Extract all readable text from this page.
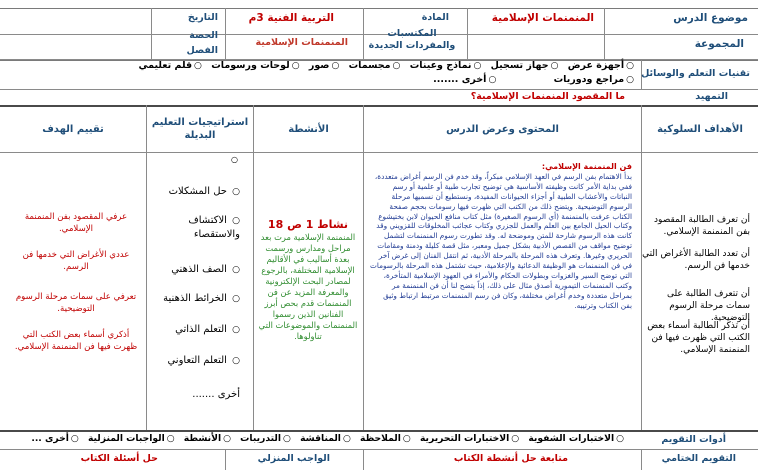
موضوع الدرس
المنمنمات الإسلامية
المادة
التربية الفنية 3م
التاريخ
المجموعة
المكتسبات والمفردات الجديدة
المنمنمات الإسلامية
الحصة
الفصل
تقنيات التعلم والوسائل
○ أجهزة عرض ○ جهاز تسجيل ○ نماذج وعينات ○ مجسمات ○ صور ○ لوحات ورسومات ○ قلم تعليمي
○ مراجع ودوريات ○ أخرى .......
التمهيد
ما المقصود المنمنمات الإسلامية؟
الأهداف السلوكية
المحتوى وعرض الدرس
الأنشطة
استراتيجيات التعليم البديلة
تقييم الهدف
أن تعرف الطالبة المقصود بفن المنمنمة الإسلامي.
أن تعدد الطالبة الأغراض التي خدمها فن الرسم.
أن تتعرف الطالبة على سمات مرحلة الرسوم التوضيحية.
أن تذكر الطالبة أسماء بعض الكتب التي ظهرت فيها فن المنمنمة الإسلامي.
فن المنمنمة الإسلامي:
بدأ الاهتمام بفن الرسم في العهد الإسلامي مبكراً، وقد خدم فن الرسم أغراض متعددة، ففي بداية الأمر كانت وظيفته الأساسية هي توضيح تجارب طبية أو علمية أو رسم النباتات والأعشاب الطبية أو أجزاء الحيوانات المفيدة، ونستطيع أن نسميها مرحلة الرسوم التوضيحية. ويتضح ذلك من الكتب التي ظهرت فيها رسومات بحجم صفحة الكتاب عرفت بالمنمنمة (أي الرسوم الصغيرة) مثل كتاب منافع الحيوان لابن بختيشوع وكتاب الحيل الجامع بين العلم والعمل للجزري وكتاب عجائب المخلوقات للقزويني وقد كانت هذه الرسوم شارحة للمتن وموضحة له. وقد تطورت رسوم المنمنمات لتشمل توضيح مواقف من القصص الأدبية بشكل جميل ومعبر، مثل قصة كليلة ودمنة ومقامات الحريري وغيرها. وتعرف هذه المرحلة بالمرحلة الأدبية، ثم انتقل الفنان إلى غرض آخر في فن المنمنمات هو الوظيفة الدعائية والإعلامية، حيث تشتمل هذه المرحلة بالرسومات التي توضح السير والغزوات وبطولات الحكام والأمراء في العهود الإسلامية المتأخرة، وكتب المنمنمات التيمورية أصدق مثال على ذلك، إذاً يتضح لنا أن فن المنمنمة مر بمراحل متعددة وخدم أغراض مختلفة، وكان فن رسم المنمنمات مرتبط ارتباط وثيق بفن الكتاب وترتيبه.
نشاط 1 ص 18
المنمنمة الإسلامية مرت بعد مراحل ومدارس ورسمت بعدة أساليب في الأقاليم الإسلامية المختلفة، بالرجوع لمصادر البحث الإلكترونية والمعرفة المزيد عن فن المنمنمات قدم بحص أبرز الفنانين الذين رسموا المنمنمات والموضوعات التي تناولوها.
○
○ حل المشكلات
○ الاكتشاف والاستقصاء
○ الصف الذهني
○ الخرائط الذهنية
○ التعلم الذاتي
○ التعلم التعاوني
أخرى .......
عرفي المقصود بفن المنمنمة الإسلامي.
عددي الأغراض التي خدمها فن الرسم.
تعرفي على سمات مرحلة الرسوم التوضيحية.
أذكري أسماء بعض الكتب التي ظهرت فيها فن المنمنمة الإسلامي.
أدوات التقويم
○ الاختبارات الشفوية ○ الاختبارات التحريرية ○ الملاحظة ○ المناقشة ○ التدريبات ○ الأنشطة ○ الواجبات المنزلية ○ أخرى ...
التقويم الختامي
متابعة حل أنشطة الكتاب
الواجب المنزلي
حل أسئلة الكتاب
